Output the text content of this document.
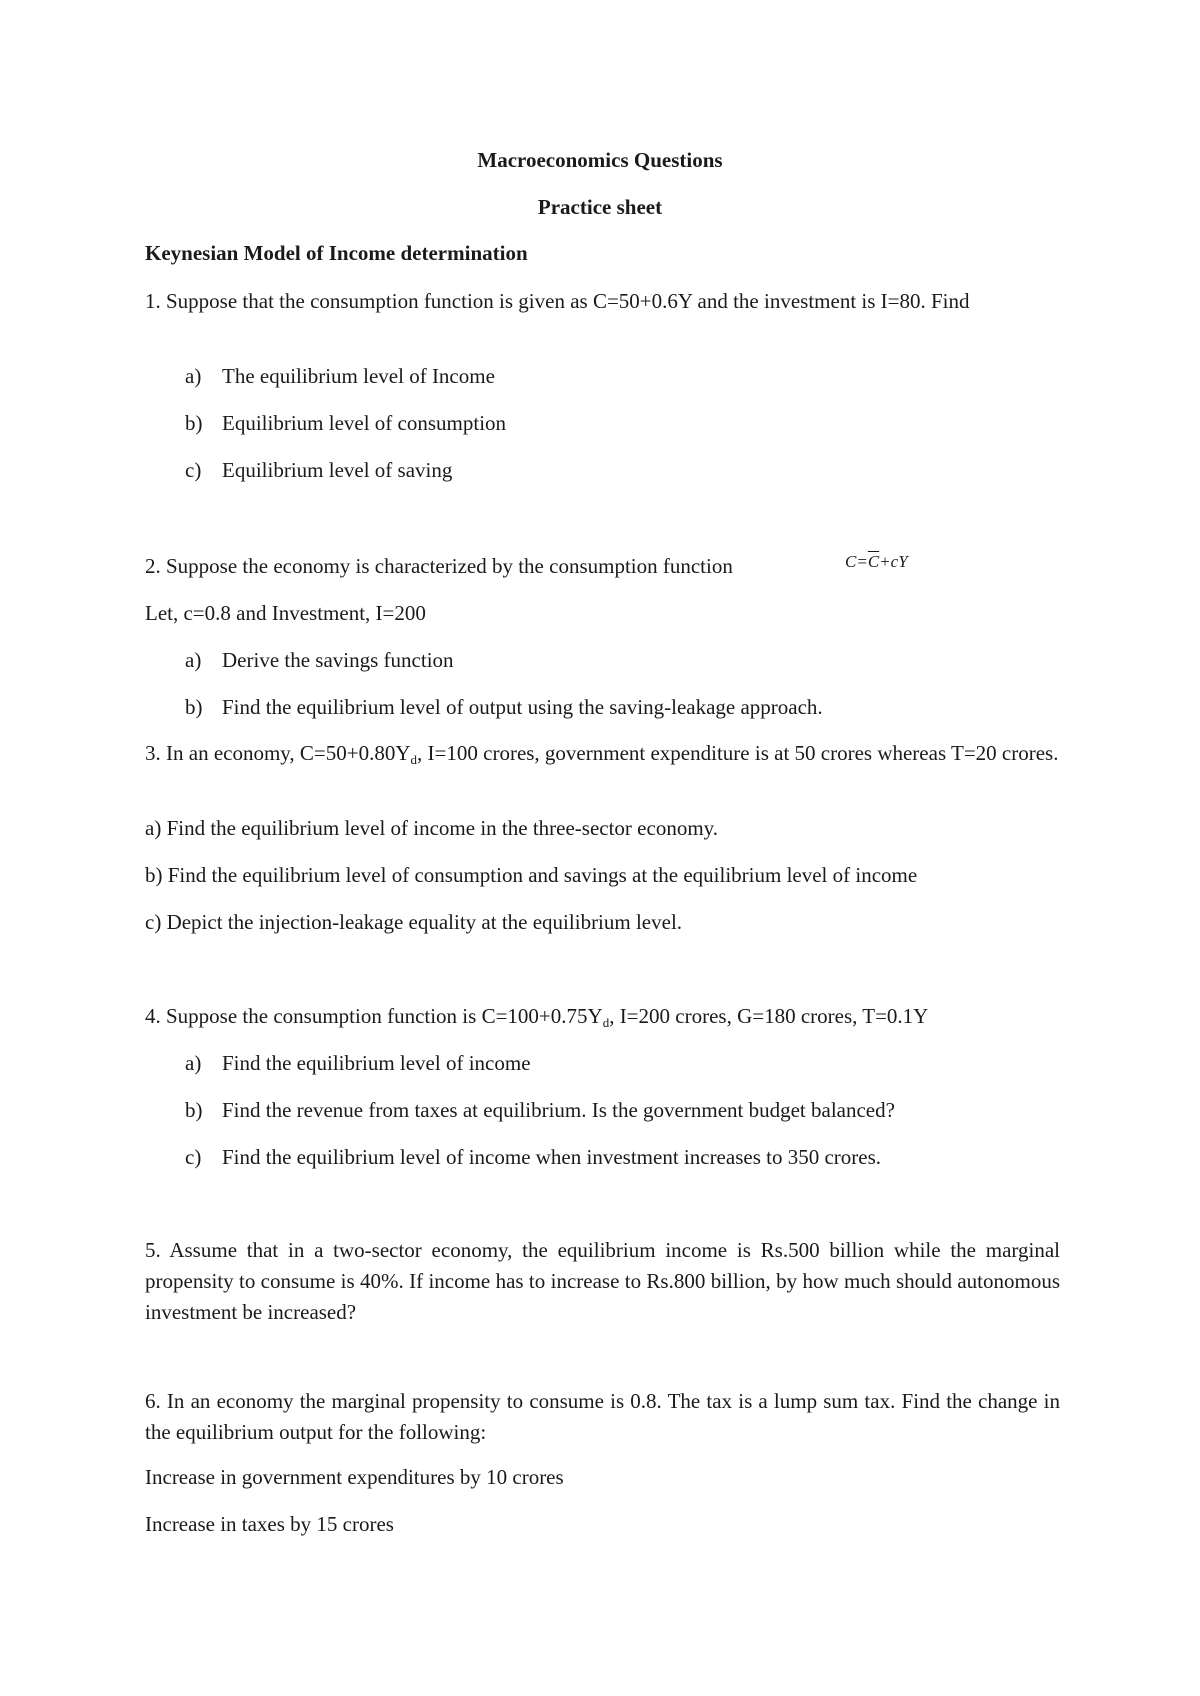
Macroeconomics Questions
Practice sheet
Keynesian Model of Income determination
1. Suppose that the consumption function is given as C=50+0.6Y and the investment is I=80. Find
a) The equilibrium level of Income
b) Equilibrium level of consumption
c) Equilibrium level of saving
2. Suppose the economy is characterized by the consumption function	$C=\overline{C}+cY$
Let, c=0.8 and Investment, I=200
a) Derive the savings function
b) Find the equilibrium level of output using the saving-leakage approach.
3. In an economy, $C=50+0.80Y_d$, I=100 crores, government expenditure is at 50 crores whereas T=20 crores.
a) Find the equilibrium level of income in the three-sector economy.
b) Find the equilibrium level of consumption and savings at the equilibrium level of income
c) Depict the injection-leakage equality at the equilibrium level.
4. Suppose the consumption function is $C=100+0.75Y_d$, I=200 crores, G=180 crores, T=0.1Y
a) Find the equilibrium level of income
b) Find the revenue from taxes at equilibrium. Is the government budget balanced?
c) Find the equilibrium level of income when investment increases to 350 crores.
5. Assume that in a two-sector economy, the equilibrium income is Rs.500 billion while the marginal propensity to consume is 40%. If income has to increase to Rs.800 billion, by how much should autonomous investment be increased?
6. In an economy the marginal propensity to consume is 0.8. The tax is a lump sum tax. Find the change in the equilibrium output for the following:
Increase in government expenditures by 10 crores
Increase in taxes by 15 crores
